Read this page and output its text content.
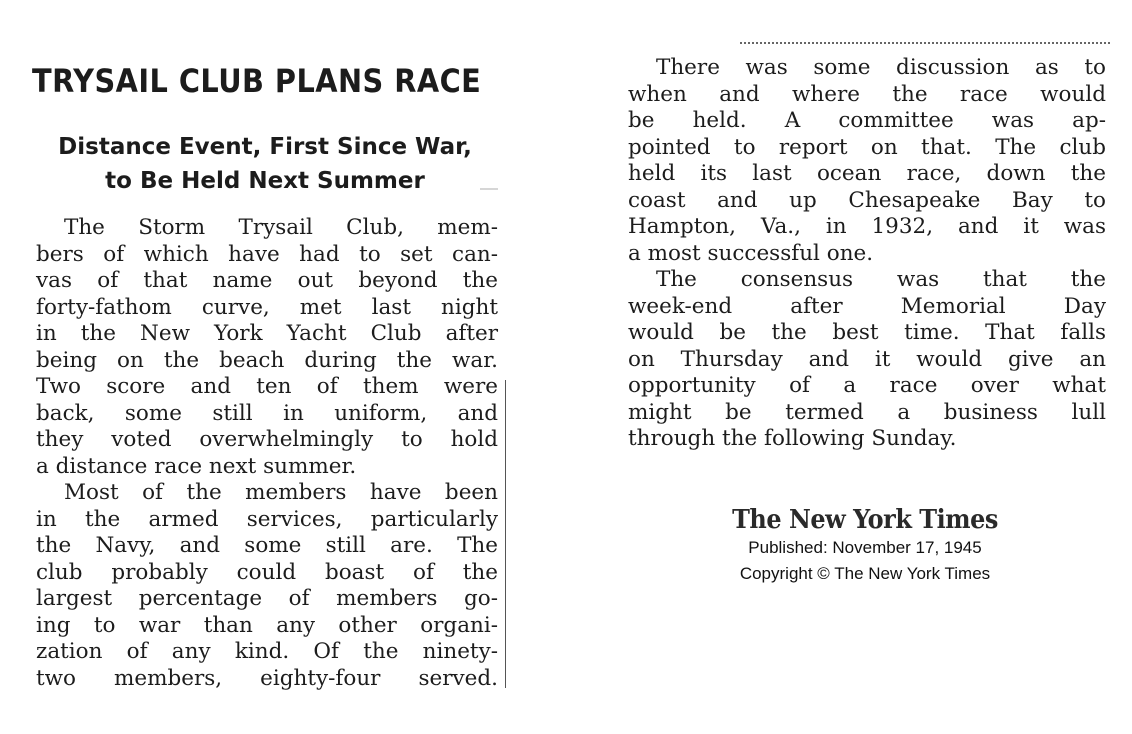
TRYSAIL CLUB PLANS RACE
Distance Event, First Since War,
to Be Held Next Summer
The Storm Trysail Club, mem-
bers of which have had to set can-
vas of that name out beyond the
forty-fathom curve, met last night
in the New York Yacht Club after
being on the beach during the war.
Two score and ten of them were
back, some still in uniform, and
they voted overwhelmingly to hold
a distance race next summer.
Most of the members have been
in the armed services, particularly
the Navy, and some still are. The
club probably could boast of the
largest percentage of members go-
ing to war than any other organi-
zation of any kind. Of the ninety-
two members, eighty-four served.
There was some discussion as to
when and where the race would
be held. A committee was ap-
pointed to report on that. The club
held its last ocean race, down the
coast and up Chesapeake Bay to
Hampton, Va., in 1932, and it was
a most successful one.
The consensus was that the
week-end after Memorial Day
would be the best time. That falls
on Thursday and it would give an
opportunity of a race over what
might be termed a business lull
through the following Sunday.
The New York Times
Published: November 17, 1945
Copyright © The New York Times
